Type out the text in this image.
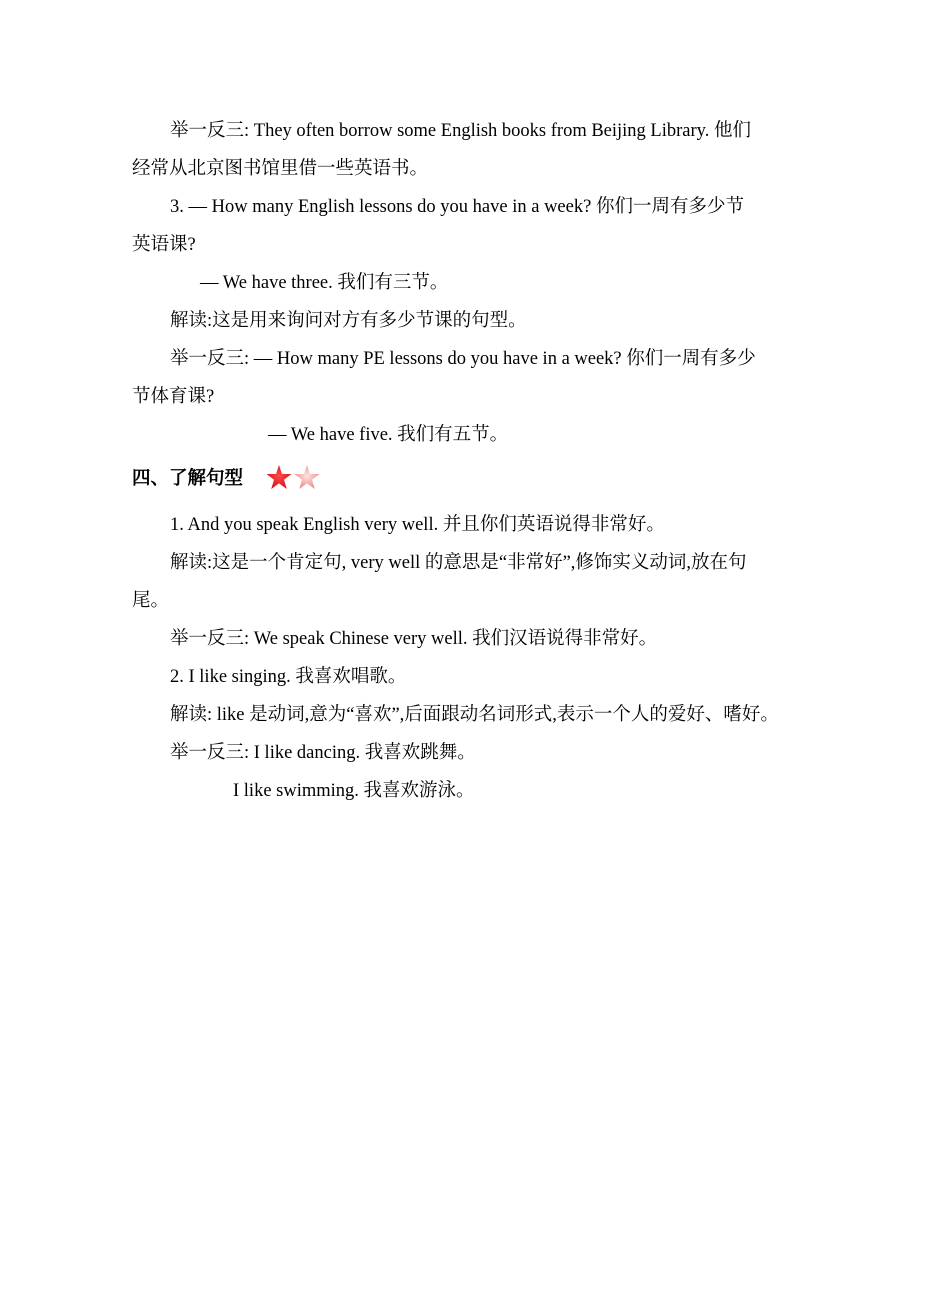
举一反三: They often borrow some English books from Beijing Library. 他们
经常从北京图书馆里借一些英语书。
3. — How many English lessons do you have in a week? 你们一周有多少节
英语课?
— We have three. 我们有三节。
解读:这是用来询问对方有多少节课的句型。
举一反三: — How many PE lessons do you have in a week? 你们一周有多少
节体育课?
— We have five. 我们有五节。
四、了解句型
1. And you speak English very well. 并且你们英语说得非常好。
解读:这是一个肯定句, very well 的意思是“非常好”,修饰实义动词,放在句
尾。
举一反三: We speak Chinese very well. 我们汉语说得非常好。
2. I like singing. 我喜欢唱歌。
解读: like 是动词,意为“喜欢”,后面跟动名词形式,表示一个人的爱好、嗜好。
举一反三: I like dancing. 我喜欢跳舞。
I like swimming. 我喜欢游泳。
